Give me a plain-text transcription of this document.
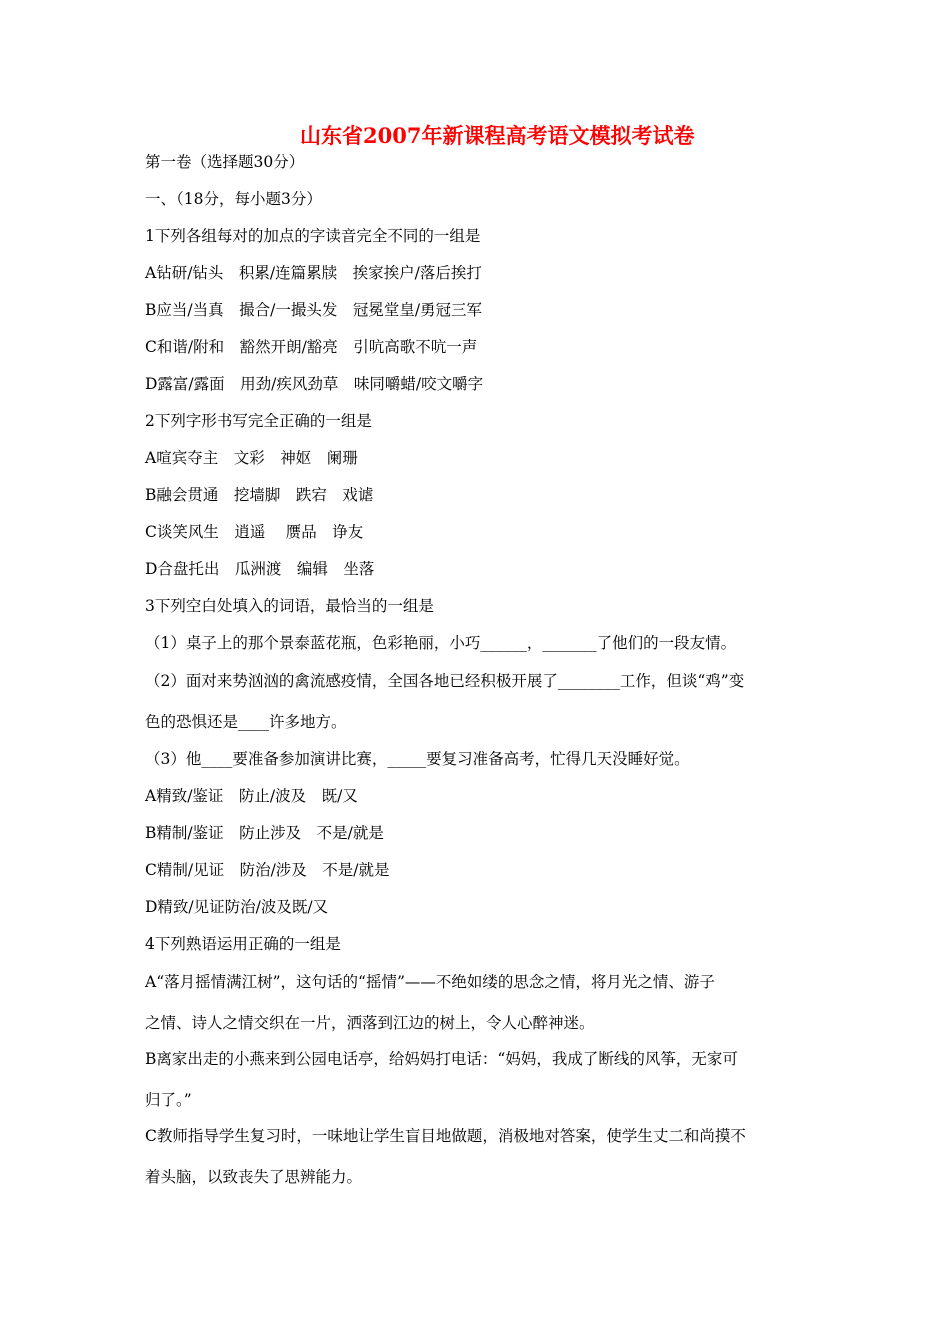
山东省2007年新课程高考语文模拟考试卷
第一卷（选择题30分）
一、（18分，每小题3分）
1下列各组每对的加点的字读音完全不同的一组是
A钻研/钻头　积累/连篇累牍　挨家挨户/落后挨打
B应当/当真　撮合/一撮头发　冠冕堂皇/勇冠三军
C和谐/附和　豁然开朗/豁亮　引吭高歌不吭一声
D露富/露面　用劲/疾风劲草　味同嚼蜡/咬文嚼字
2下列字形书写完全正确的一组是
A喧宾夺主　文彩　神妪　阑珊
B融会贯通　挖墙脚　跌宕　戏谑
C谈笑风生　逍遥　 赝品　诤友
D合盘托出　瓜洲渡　编辑　坐落
3下列空白处填入的词语，最恰当的一组是
（1）桌子上的那个景泰蓝花瓶，色彩艳丽，小巧______，_______了他们的一段友情。
（2）面对来势汹汹的禽流感疫情，全国各地已经积极开展了________工作，但谈“鸡”变
色的恐惧还是____许多地方。
（3）他____要准备参加演讲比赛，_____要复习准备高考，忙得几天没睡好觉。
A精致/鉴证　防止/波及　既/又
B精制/鉴证　防止涉及　不是/就是
C精制/见证　防治/涉及　不是/就是
D精致/见证防治/波及既/又
4下列熟语运用正确的一组是
A“落月摇情满江树”，这句话的“摇情”——不绝如缕的思念之情，将月光之情、游子
之情、诗人之情交织在一片，洒落到江边的树上，令人心醉神迷。
B离家出走的小燕来到公园电话亭，给妈妈打电话：“妈妈，我成了断线的风筝，无家可
归了。”
C教师指导学生复习时，一味地让学生盲目地做题，消极地对答案，使学生丈二和尚摸不
着头脑，以致丧失了思辨能力。
